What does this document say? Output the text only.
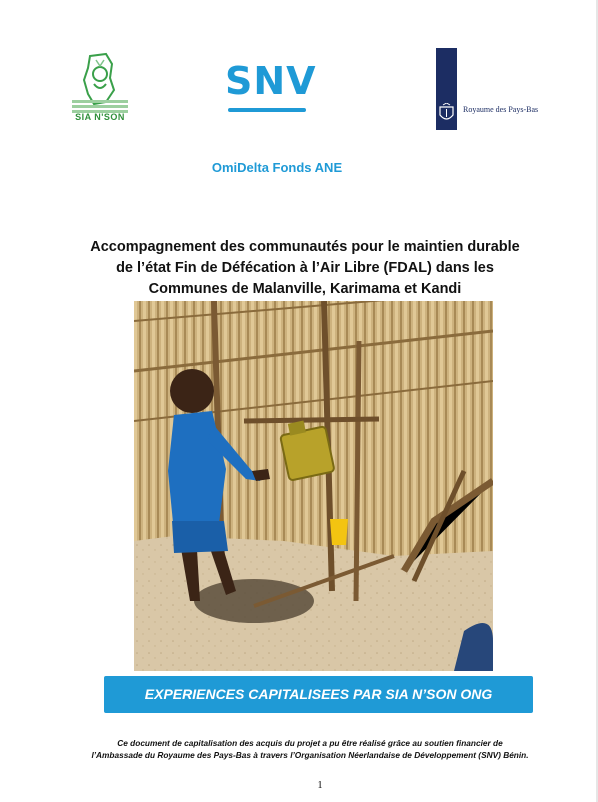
SIA N'SON
SNV
Royaume des Pays-Bas
OmiDelta Fonds ANE
Accompagnement des communautés pour le maintien durable
de l’état Fin de Défécation à l’Air Libre (FDAL) dans les
Communes de Malanville, Karimama et Kandi
EXPERIENCES CAPITALISEES PAR SIA N’SON ONG
Ce document de capitalisation des acquis du projet a pu être réalisé grâce au soutien financier de
l’Ambassade du Royaume des Pays-Bas à travers l’Organisation Néerlandaise de Développement (SNV) Bénin.
1
